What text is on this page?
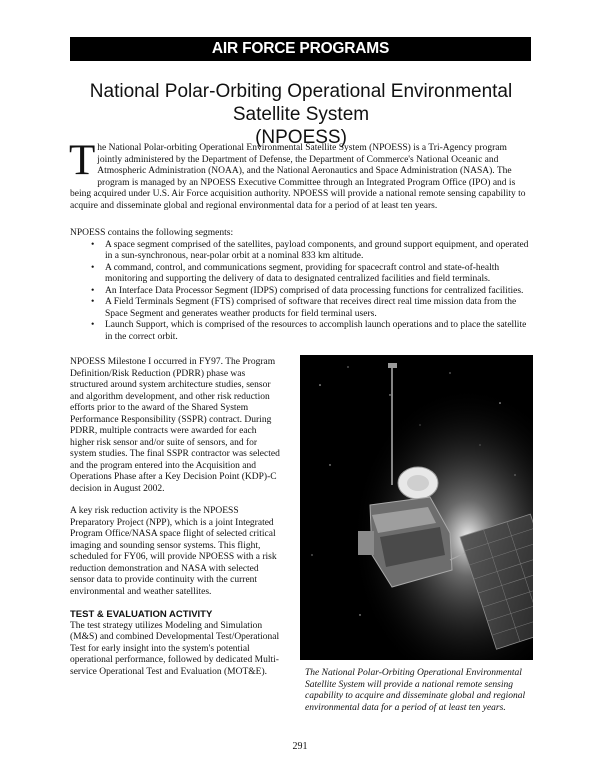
AIR FORCE PROGRAMS
National Polar-Orbiting Operational Environmental Satellite System
(NPOESS)
The National Polar-orbiting Operational Environmental Satellite System (NPOESS) is a Tri-Agency program jointly administered by the Department of Defense, the Department of Commerce's National Oceanic and Atmospheric Administration (NOAA), and the National Aeronautics and Space Administration (NASA). The program is managed by an NPOESS Executive Committee through an Integrated Program Office (IPO) and is being acquired under U.S. Air Force acquisition authority. NPOESS will provide a national remote sensing capability to acquire and disseminate global and regional environmental data for a period of at least ten years.
NPOESS contains the following segments:
• A space segment comprised of the satellites, payload components, and ground support equipment, and operated in a sun-synchronous, near-polar orbit at a nominal 833 km altitude.
• A command, control, and communications segment, providing for spacecraft control and state-of-health monitoring and supporting the delivery of data to designated centralized facilities and field terminals.
• An Interface Data Processor Segment (IDPS) comprised of data processing functions for centralized facilities.
• A Field Terminals Segment (FTS) comprised of software that receives direct real time mission data from the Space Segment and generates weather products for field terminal users.
• Launch Support, which is comprised of the resources to accomplish launch operations and to place the satellite in the correct orbit.

NPOESS Milestone I occurred in FY97. The Program Definition/Risk Reduction (PDRR) phase was structured around system architecture studies, sensor and algorithm development, and other risk reduction efforts prior to the award of the Shared System Performance Responsibility (SSPR) contract. During PDRR, multiple contracts were awarded for each higher risk sensor and/or suite of sensors, and for system studies. The final SSPR contractor was selected and the program entered into the Acquisition and Operations Phase after a Key Decision Point (KDP)-C decision in August 2002.

A key risk reduction activity is the NPOESS Preparatory Project (NPP), which is a joint Integrated Program Office/NASA space flight of selected critical imaging and sounding sensor systems. This flight, scheduled for FY06, will provide NPOESS with a risk reduction demonstration and NASA with selected sensor data to provide continuity with the current environmental and weather satellites.

TEST & EVALUATION ACTIVITY

The test strategy utilizes Modeling and Simulation (M&S) and combined Developmental Test/Operational Test for early insight into the system's potential operational performance, followed by dedicated Multi-service Operational Test and Evaluation (MOT&E).	The National Polar-Orbiting Operational Environmental Satellite System will provide a national remote sensing capability to acquire and disseminate global and regional environmental data for a period of at least ten years.
291
